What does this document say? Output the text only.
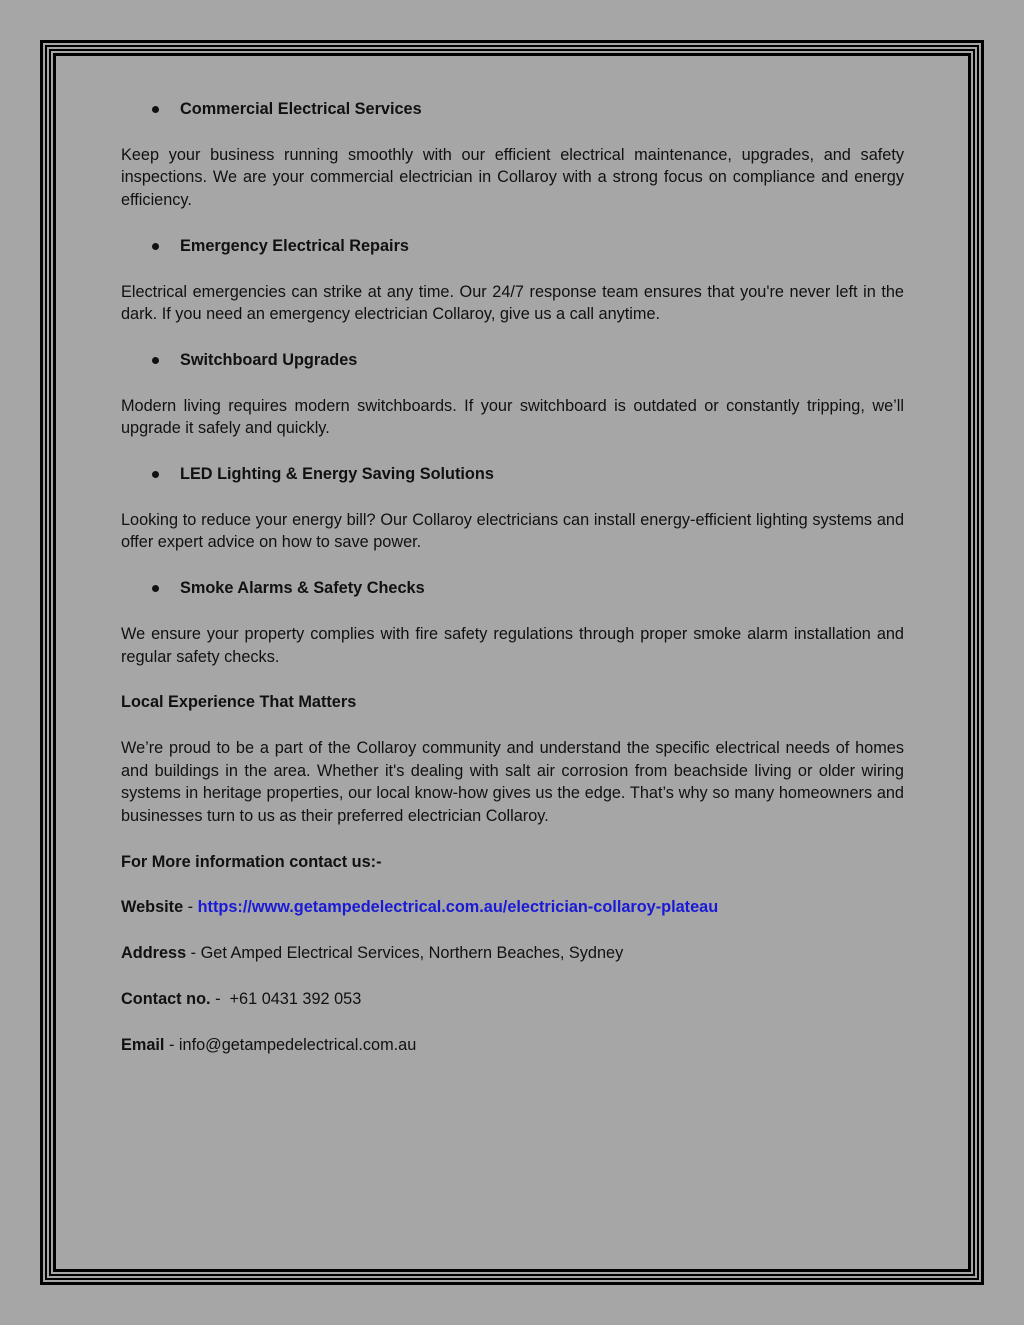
Commercial Electrical Services

Keep your business running smoothly with our efficient electrical maintenance, upgrades, and safety inspections. We are your commercial electrician in Collaroy with a strong focus on compliance and energy efficiency.

Emergency Electrical Repairs

Electrical emergencies can strike at any time. Our 24/7 response team ensures that you're never left in the dark. If you need an emergency electrician Collaroy, give us a call anytime.

Switchboard Upgrades

Modern living requires modern switchboards. If your switchboard is outdated or constantly tripping, we’ll upgrade it safely and quickly.

LED Lighting & Energy Saving Solutions

Looking to reduce your energy bill? Our Collaroy electricians can install energy-efficient lighting systems and offer expert advice on how to save power.

Smoke Alarms & Safety Checks

We ensure your property complies with fire safety regulations through proper smoke alarm installation and regular safety checks.

Local Experience That Matters

We’re proud to be a part of the Collaroy community and understand the specific electrical needs of homes and buildings in the area. Whether it's dealing with salt air corrosion from beachside living or older wiring systems in heritage properties, our local know-how gives us the edge. That’s why so many homeowners and businesses turn to us as their preferred electrician Collaroy.

For More information contact us:-
Website - https://www.getampedelectrical.com.au/electrician-collaroy-plateau
Address - Get Amped Electrical Services, Northern Beaches, Sydney
Contact no. -  +61 0431 392 053
Email - info@getampedelectrical.com.au
